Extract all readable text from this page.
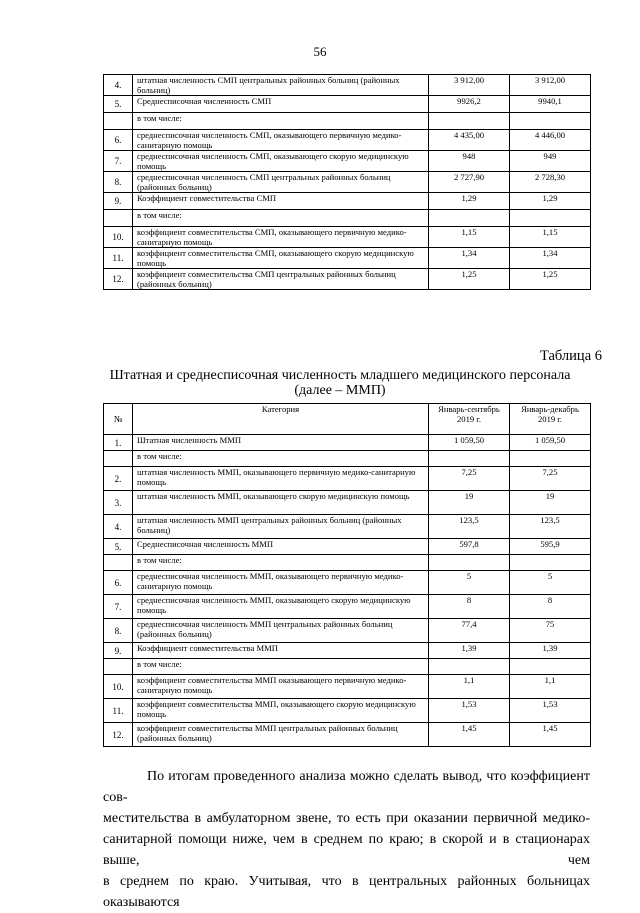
56
4.	штатная численность СМП центральных районных больниц (районных больниц)	3 912,00	3 912,00
5.	Среднесписочная численность СМП	9926,2	9940,1
	в том числе:		
6.	среднесписочная численность СМП, оказывающего первичную медико-санитарную помощь	4 435,00	4 446,00
7.	среднесписочная численность СМП, оказывающего скорую медицинскую помощь	948	949
8.	среднесписочная численность СМП центральных районных больниц (районных больниц)	2 727,90	2 728,30
9.	Коэффициент совместительства СМП	1,29	1,29
	в том числе:		
10.	коэффициент совместительства СМП, оказывающего первичную медико-санитарную помощь	1,15	1,15
11.	коэффициент совместительства СМП, оказывающего скорую медицинскую помощь	1,34	1,34
12.	коэффициент совместительства СМП центральных районных больниц (районных больниц)	1,25	1,25
Таблица 6
Штатная и среднесписочная численность младшего медицинского персонала
(далее – ММП)
№	Категория	Январь-сентябрь 2019 г.	Январь-декабрь 2019 г.
1.	Штатная численность ММП	1 059,50	1 059,50
	в том числе:		
2.	штатная численность ММП, оказывающего первичную медико-санитарную помощь	7,25	7,25
3.	штатная численность ММП, оказывающего скорую медицинскую помощь	19	19
4.	штатная численность ММП центральных районных больниц (районных больниц)	123,5	123,5
5.	Среднесписочная численность ММП	597,8	595,9
	в том числе:		
6.	среднесписочная численность ММП, оказывающего первичную медико-санитарную помощь	5	5
7.	среднесписочная численность ММП, оказывающего скорую медицинскую помощь	8	8
8.	среднесписочная численность ММП центральных районных больниц (районных больниц)	77,4	75
9.	Коэффициент совместительства ММП	1,39	1,39
	в том числе:		
10.	коэффициент совместительства ММП оказывающего первичную медико-санитарную помощь	1,1	1,1
11.	коэффициент совместительства ММП, оказывающего скорую медицинскую помощь	1,53	1,53
12.	коэффициент совместительства ММП центральных районных больниц (районных больниц)	1,45	1,45
По итогам проведенного анализа можно сделать вывод, что коэффициент сов-
местительства в амбулаторном звене, то есть при оказании первичной медико-
санитарной помощи ниже, чем в среднем по краю; в скорой и в стационарах выше, чем
в среднем по краю. Учитывая, что в центральных районных больницах оказываются
